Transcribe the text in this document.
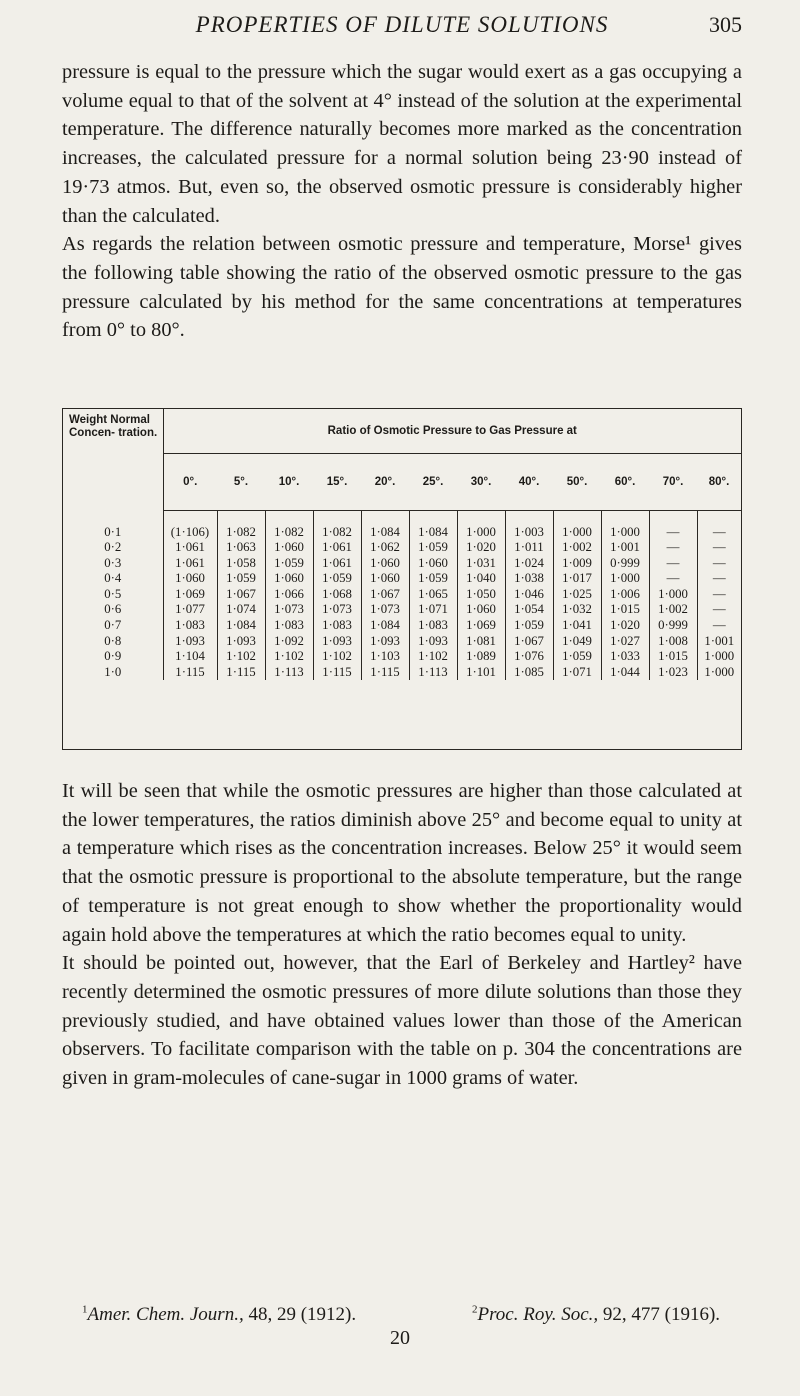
PROPERTIES OF DILUTE SOLUTIONS	305

pressure is equal to the pressure which the sugar would exert as a gas occupying a volume equal to that of the solvent at 4° instead of the solution at the experimental temperature. The difference naturally becomes more marked as the concentration increases, the calculated pressure for a normal solution being 23·90 instead of 19·73 atmos. But, even so, the observed osmotic pressure is considerably higher than the calculated.

As regards the relation between osmotic pressure and temperature, Morse¹ gives the following table showing the ratio of the observed osmotic pressure to the gas pressure calculated by his method for the same concentrations at temperatures from 0° to 80°.

Weight Normal Concen- tration.	Ratio of Osmotic Pressure to Gas Pressure at											
	0°.	5°.	10°.	15°.	20°.	25°.	30°.	40°.	50°.	60°.	70°.	80°.

0·1	(1·106)	1·082	1·082	1·082	1·084	1·084	1·000	1·003	1·000	1·000	—	—
0·2	1·061	1·063	1·060	1·061	1·062	1·059	1·020	1·011	1·002	1·001	—	—
0·3	1·061	1·058	1·059	1·061	1·060	1·060	1·031	1·024	1·009	0·999	—	—
0·4	1·060	1·059	1·060	1·059	1·060	1·059	1·040	1·038	1·017	1·000	—	—
0·5	1·069	1·067	1·066	1·068	1·067	1·065	1·050	1·046	1·025	1·006	1·000	—
0·6	1·077	1·074	1·073	1·073	1·073	1·071	1·060	1·054	1·032	1·015	1·002	—
0·7	1·083	1·084	1·083	1·083	1·084	1·083	1·069	1·059	1·041	1·020	0·999	—
0·8	1·093	1·093	1·092	1·093	1·093	1·093	1·081	1·067	1·049	1·027	1·008	1·001
0·9	1·104	1·102	1·102	1·102	1·103	1·102	1·089	1·076	1·059	1·033	1·015	1·000
1·0	1·115	1·115	1·113	1·115	1·115	1·113	1·101	1·085	1·071	1·044	1·023	1·000

It will be seen that while the osmotic pressures are higher than those calculated at the lower temperatures, the ratios diminish above 25° and become equal to unity at a temperature which rises as the concentration increases. Below 25° it would seem that the osmotic pressure is proportional to the absolute temperature, but the range of temperature is not great enough to show whether the proportionality would again hold above the temperatures at which the ratio becomes equal to unity.

It should be pointed out, however, that the Earl of Berkeley and Hartley² have recently determined the osmotic pressures of more dilute solutions than those they previously studied, and have obtained values lower than those of the American observers. To facilitate comparison with the table on p. 304 the concentrations are given in gram-molecules of cane-sugar in 1000 grams of water.

$^1$Amer. Chem. Journ., 48, 29 (1912).	$^2$Proc. Roy. Soc., 92, 477 (1916).
20
